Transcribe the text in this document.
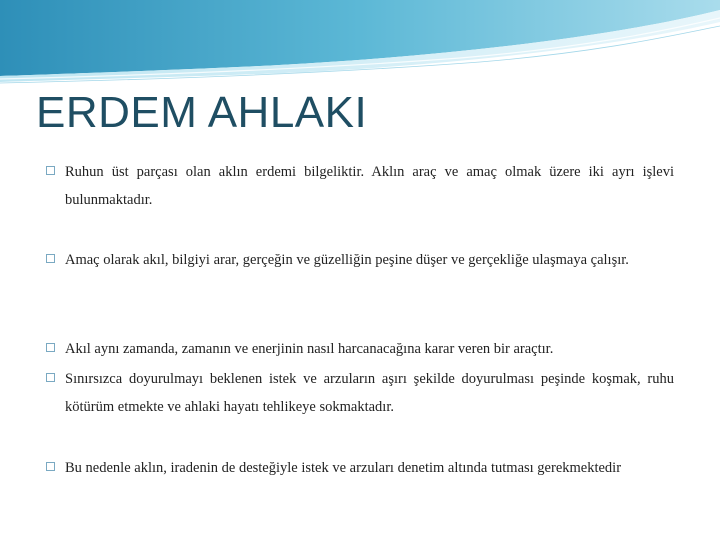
ERDEM AHLAKI
Ruhun üst parçası olan aklın erdemi bilgeliktir. Aklın araç ve amaç olmak üzere iki ayrı işlevi bulunmaktadır.
Amaç olarak akıl, bilgiyi arar, gerçeğin ve güzelliğin peşine düşer ve gerçekliğe ulaşmaya çalışır.
Akıl aynı zamanda, zamanın ve enerjinin nasıl harcanacağına karar veren bir araçtır.
Sınırsızca doyurulmayı beklenen istek ve arzuların aşırı şekilde doyurulması peşinde koşmak, ruhu kötürüm etmekte ve ahlaki hayatı tehlikeye sokmaktadır.
Bu nedenle aklın, iradenin de desteğiyle istek ve arzuları denetim altında tutması gerekmektedir
